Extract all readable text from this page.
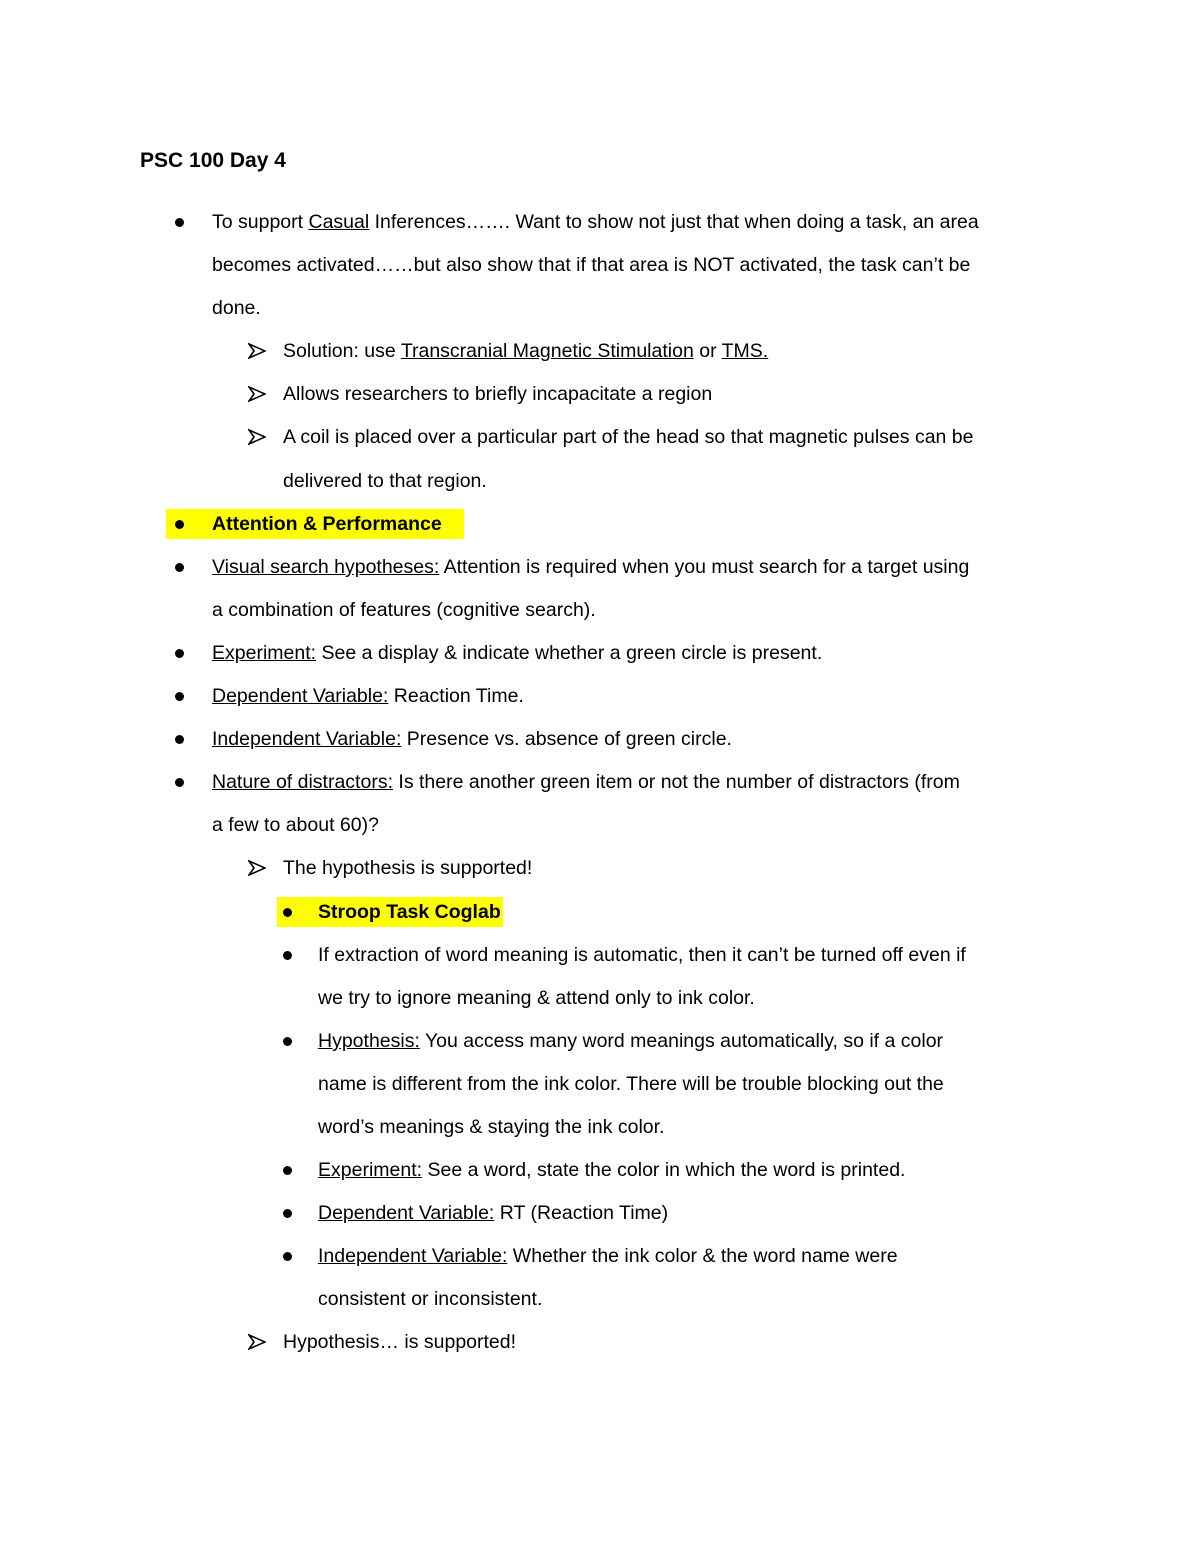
PSC 100 Day 4
To support Casual Inferences……. Want to show not just that when doing a task, an area
becomes activated……but also show that if that area is NOT activated, the task can’t be
done.
Solution: use Transcranial Magnetic Stimulation or TMS.
Allows researchers to briefly incapacitate a region
A coil is placed over a particular part of the head so that magnetic pulses can be
delivered to that region.
Attention & Performance
Visual search hypotheses: Attention is required when you must search for a target using
a combination of features (cognitive search).
Experiment: See a display & indicate whether a green circle is present.
Dependent Variable: Reaction Time.
Independent Variable: Presence vs. absence of green circle.
Nature of distractors: Is there another green item or not the number of distractors (from
a few to about 60)?
The hypothesis is supported!
Stroop Task Coglab
If extraction of word meaning is automatic, then it can’t be turned off even if
we try to ignore meaning & attend only to ink color.
Hypothesis: You access many word meanings automatically, so if a color
name is different from the ink color. There will be trouble blocking out the
word’s meanings & staying the ink color.
Experiment: See a word, state the color in which the word is printed.
Dependent Variable: RT (Reaction Time)
Independent Variable: Whether the ink color & the word name were
consistent or inconsistent.
Hypothesis… is supported!
